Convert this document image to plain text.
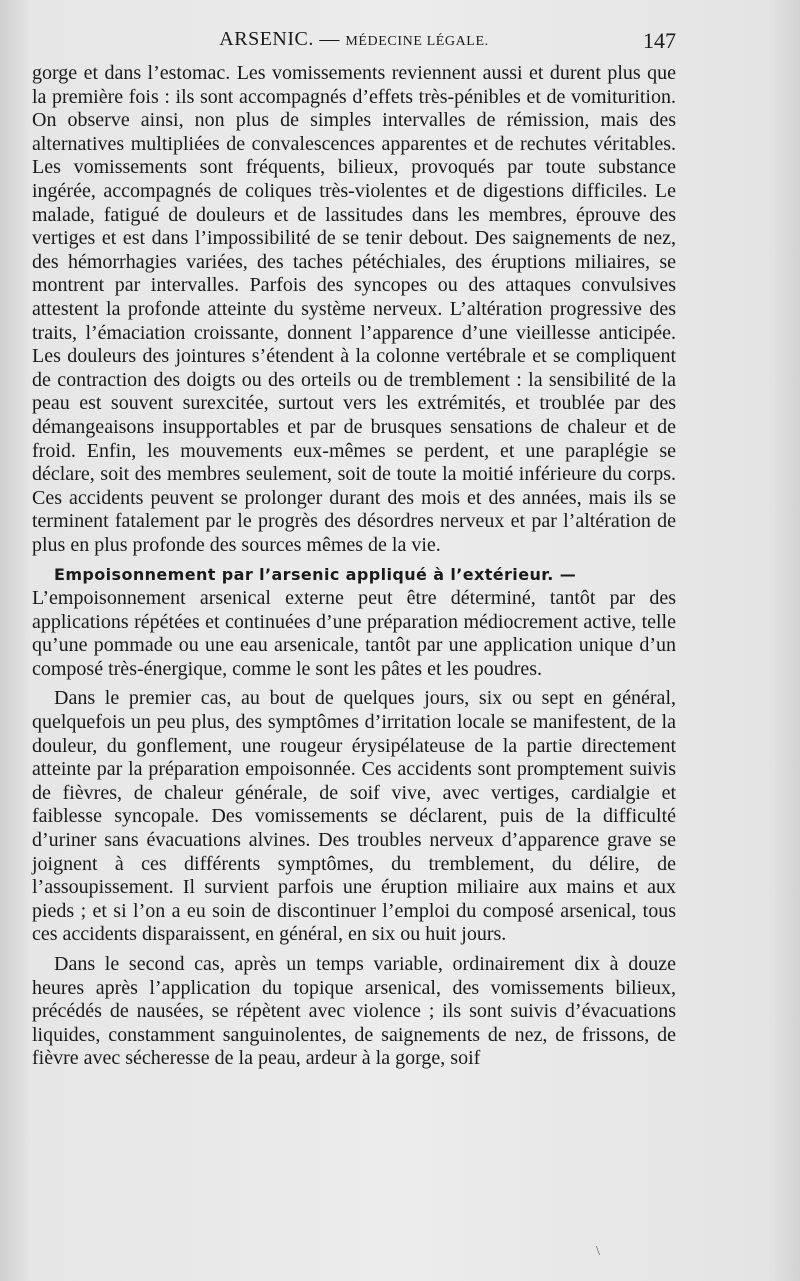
ARSENIC. — MÉDECINE LÉGALE.	147

gorge et dans l’estomac. Les vomissements reviennent aussi et durent plus que la première fois : ils sont accompagnés d’effets très-pénibles et de vomiturition. On observe ainsi, non plus de simples intervalles de rémission, mais des alternatives multipliées de convalescences apparentes et de rechutes véritables. Les vomissements sont fréquents, bilieux, provoqués par toute substance ingérée, accompagnés de coliques très-violentes et de digestions difficiles. Le malade, fatigué de douleurs et de lassitudes dans les membres, éprouve des vertiges et est dans l’impossibilité de se tenir debout. Des saignements de nez, des hémorrhagies variées, des taches pétéchiales, des éruptions miliaires, se montrent par intervalles. Parfois des syncopes ou des attaques convulsives attestent la profonde atteinte du système nerveux. L’altération progressive des traits, l’émaciation croissante, donnent l’apparence d’une vieillesse anticipée. Les douleurs des jointures s’étendent à la colonne vertébrale et se compliquent de contraction des doigts ou des orteils ou de tremblement : la sensibilité de la peau est souvent surexcitée, surtout vers les extrémités, et troublée par des démangeaisons insupportables et par de brusques sensations de chaleur et de froid. Enfin, les mouvements eux-mêmes se perdent, et une paraplégie se déclare, soit des membres seulement, soit de toute la moitié inférieure du corps. Ces accidents peuvent se prolonger durant des mois et des années, mais ils se terminent fatalement par le progrès des désordres nerveux et par l’altération de plus en plus profonde des sources mêmes de la vie.

Empoisonnement par l’arsenic appliqué à l’extérieur. —
L’empoisonnement arsenical externe peut être déterminé, tantôt par des applications répétées et continuées d’une préparation médiocrement active, telle qu’une pommade ou une eau arsenicale, tantôt par une application unique d’un composé très-énergique, comme le sont les pâtes et les poudres.

Dans le premier cas, au bout de quelques jours, six ou sept en général, quelquefois un peu plus, des symptômes d’irritation locale se manifestent, de la douleur, du gonflement, une rougeur érysipélateuse de la partie directement atteinte par la préparation empoisonnée. Ces accidents sont promptement suivis de fièvres, de chaleur générale, de soif vive, avec vertiges, cardialgie et faiblesse syncopale. Des vomissements se déclarent, puis de la difficulté d’uriner sans évacuations alvines. Des troubles nerveux d’apparence grave se joignent à ces différents symptômes, du tremblement, du délire, de l’assoupissement. Il survient parfois une éruption miliaire aux mains et aux pieds ; et si l’on a eu soin de discontinuer l’emploi du composé arsenical, tous ces accidents disparaissent, en général, en six ou huit jours.

Dans le second cas, après un temps variable, ordinairement dix à douze heures après l’application du topique arsenical, des vomissements bilieux, précédés de nausées, se répètent avec violence ; ils sont suivis d’évacuations liquides, constamment sanguinolentes, de saignements de nez, de frissons, de fièvre avec sécheresse de la peau, ardeur à la gorge, soif

\
